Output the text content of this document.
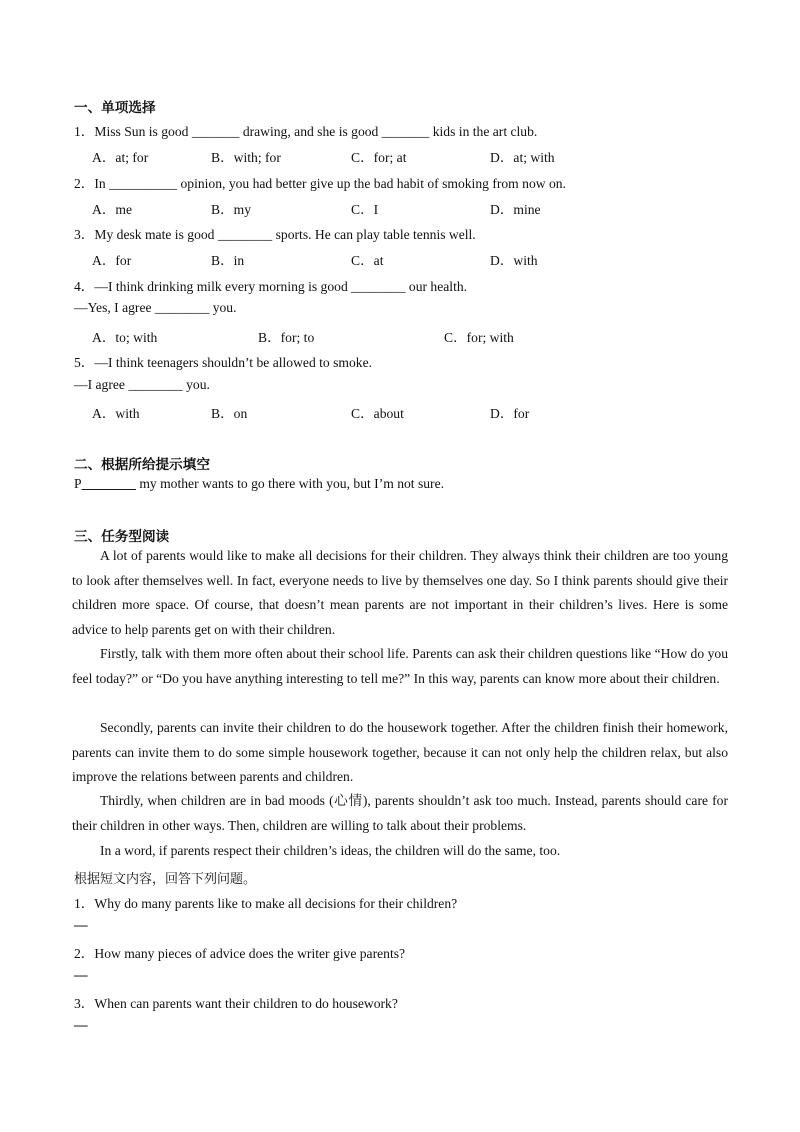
一、单项选择
1．Miss Sun is good _______ drawing, and she is good _______ kids in the art club.
A．at; for	B．with; for	C．for; at	D．at; with
2．In __________ opinion, you had better give up the bad habit of smoking from now on.
A．me	B．my	C．I	D．mine
3．My desk mate is good ________ sports. He can play table tennis well.
A．for	B．in	C．at	D．with
4．—I think drinking milk every morning is good ________ our health.
—Yes, I agree ________ you.
A．to; with	B．for; to	C．for; with
5．—I think teenagers shouldn’t be allowed to smoke.
—I agree ________ you.
A．with	B．on	C．about	D．for
二、根据所给提示填空
P________ my mother wants to go there with you, but I’m not sure.
三、任务型阅读
A lot of parents would like to make all decisions for their children. They always think their children are too young to look after themselves well. In fact, everyone needs to live by themselves one day. So I think parents should give their children more space. Of course, that doesn’t mean parents are not important in their children’s lives. Here is some advice to help parents get on with their children.
Firstly, talk with them more often about their school life. Parents can ask their children questions like “How do you feel today?” or “Do you have anything interesting to tell me?” In this way, parents can know more about their children.
Secondly, parents can invite their children to do the housework together. After the children finish their homework, parents can invite them to do some simple housework together, because it can not only help the children relax, but also improve the relations between parents and children.
Thirdly, when children are in bad moods (心情), parents shouldn’t ask too much. Instead, parents should care for their children in other ways. Then, children are willing to talk about their problems.
In a word, if parents respect their children’s ideas, the children will do the same, too.
根据短文内容，回答下列问题。
1．Why do many parents like to make all decisions for their children?
—
2．How many pieces of advice does the writer give parents?
—
3．When can parents want their children to do housework?
—
